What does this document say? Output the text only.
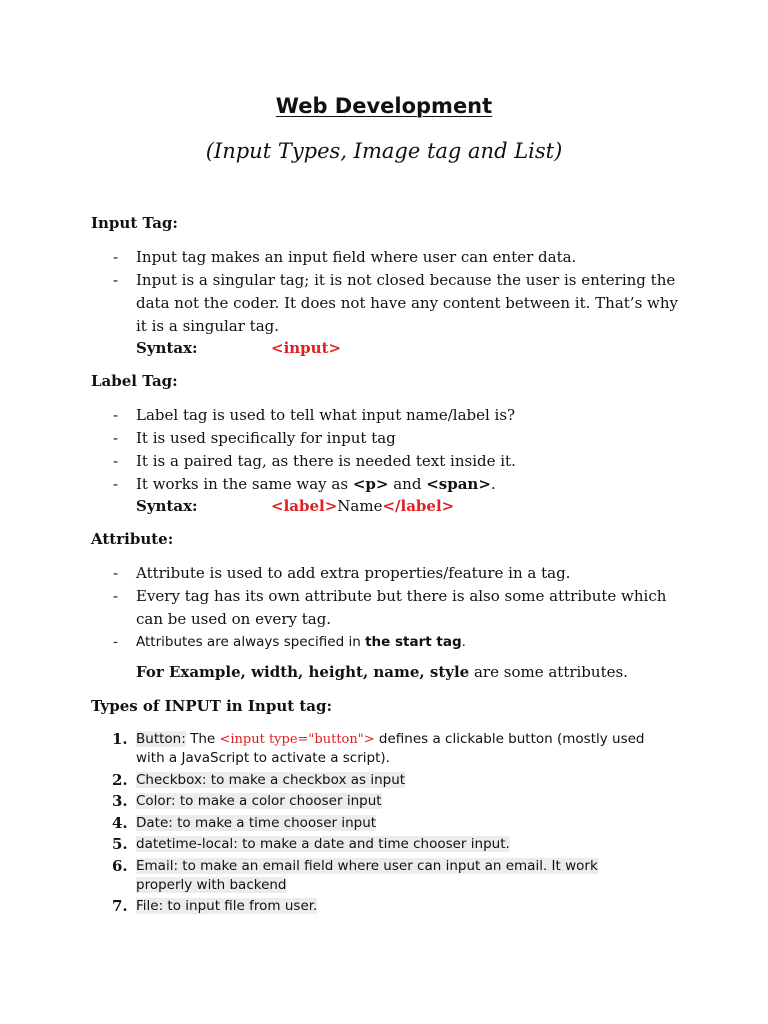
Web Development
(Input Types, Image tag and List)
Input Tag:
- Input tag makes an input field where user can enter data.
- Input is a singular tag; it is not closed because the user is entering the data not the coder. It does not have any content between it. That’s why it is a singular tag.
Syntax:	<input>
Label Tag:
- Label tag is used to tell what input name/label is?
- It is used specifically for input tag
- It is a paired tag, as there is needed text inside it.
- It works in the same way as <p> and <span>.
Syntax:	<label>Name</label>
Attribute:
- Attribute is used to add extra properties/feature in a tag.
- Every tag has its own attribute but there is also some attribute which can be used on every tag.
- Attributes are always specified in the start tag.
For Example, width, height, name, style are some attributes.
Types of INPUT in Input tag:
1. Button: The <input type="button"> defines a clickable button (mostly used with a JavaScript to activate a script).
2. Checkbox: to make a checkbox as input
3. Color: to make a color chooser input
4. Date: to make a time chooser input
5. datetime-local: to make a date and time chooser input.
6. Email: to make an email field where user can input an email. It work properly with backend
7. File: to input file from user.
